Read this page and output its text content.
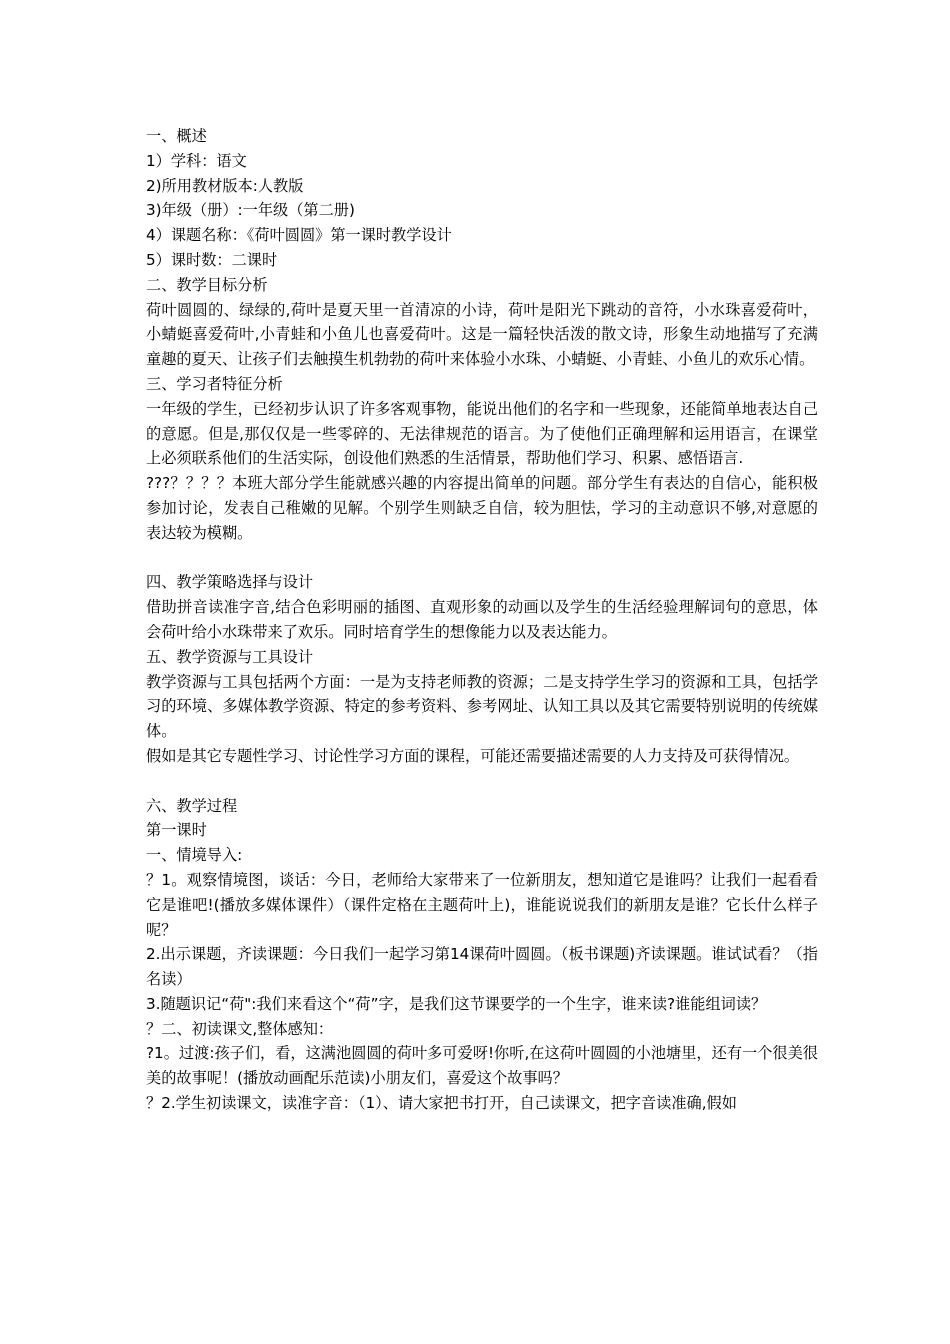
一、概述

1）学科：语文

2)所用教材版本:人教版

3)年级（册）:一年级（第二册)

4）课题名称：《荷叶圆圆》第一课时教学设计

5）课时数：二课时

二、教学目标分析

荷叶圆圆的、绿绿的,荷叶是夏天里一首清凉的小诗，荷叶是阳光下跳动的音符，小水珠喜爱荷叶，小蜻蜓喜爱荷叶,小青蛙和小鱼儿也喜爱荷叶。这是一篇轻快活泼的散文诗，形象生动地描写了充满童趣的夏天、让孩子们去触摸生机勃勃的荷叶来体验小水珠、小蜻蜓、小青蛙、小鱼儿的欢乐心情。

三、学习者特征分析

一年级的学生，已经初步认识了许多客观事物，能说出他们的名字和一些现象，还能简单地表达自己的意愿。但是,那仅仅是一些零碎的、无法律规范的语言。为了使他们正确理解和运用语言，在课堂上必须联系他们的生活实际，创设他们熟悉的生活情景，帮助他们学习、积累、感悟语言.

???？？？？本班大部分学生能就感兴趣的内容提出简单的问题。部分学生有表达的自信心，能积极参加讨论，发表自己稚嫩的见解。个别学生则缺乏自信，较为胆怯，学习的主动意识不够,对意愿的表达较为模糊。

四、教学策略选择与设计

借助拼音读准字音,结合色彩明丽的插图、直观形象的动画以及学生的生活经验理解词句的意思，体会荷叶给小水珠带来了欢乐。同时培育学生的想像能力以及表达能力。

五、教学资源与工具设计

教学资源与工具包括两个方面：一是为支持老师教的资源；二是支持学生学习的资源和工具，包括学习的环境、多媒体教学资源、特定的参考资料、参考网址、认知工具以及其它需要特别说明的传统媒体。

假如是其它专题性学习、讨论性学习方面的课程，可能还需要描述需要的人力支持及可获得情况。

六、教学过程

第一课时

一、情境导入:

？1。观察情境图，谈话：今日，老师给大家带来了一位新朋友，想知道它是谁吗？让我们一起看看它是谁吧!(播放多媒体课件）（课件定格在主题荷叶上)，谁能说说我们的新朋友是谁？它长什么样子呢？

2.出示课题，齐读课题：今日我们一起学习第14课荷叶圆圆。（板书课题)齐读课题。谁试试看？（指名读）

3.随题识记“荷":我们来看这个“荷”字，是我们这节课要学的一个生字，谁来读?谁能组词读？

？二、初读课文,整体感知：

?1。过渡:孩子们，看，这满池圆圆的荷叶多可爱呀!你听,在这荷叶圆圆的小池塘里，还有一个很美很美的故事呢！(播放动画配乐范读)小朋友们，喜爱这个故事吗？

？2.学生初读课文，读准字音：（1）、请大家把书打开，自己读课文，把字音读准确,假如
